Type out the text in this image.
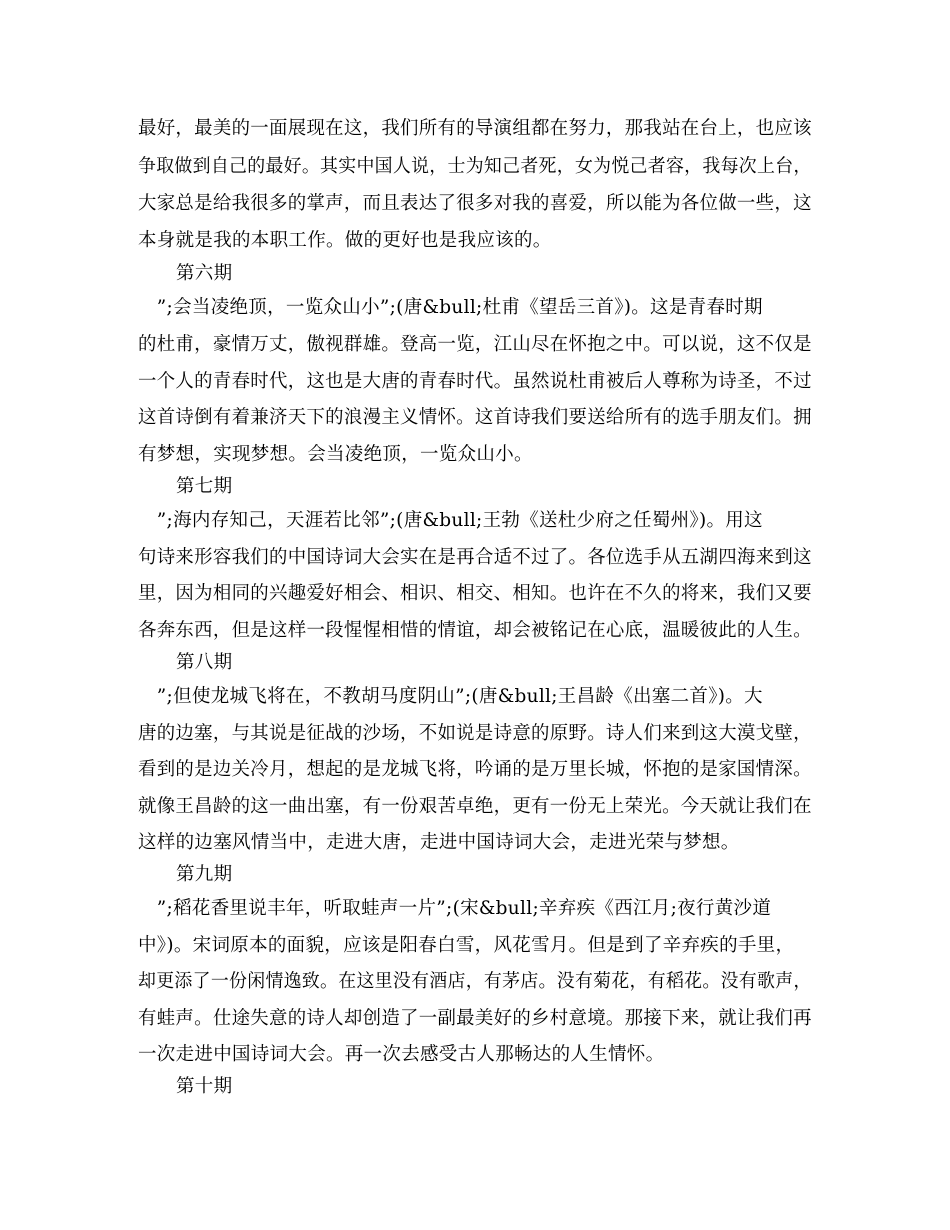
最好，最美的一面展现在这，我们所有的导演组都在努力，那我站在台上，也应该
争取做到自己的最好。其实中国人说，士为知己者死，女为悦己者容，我每次上台，
大家总是给我很多的掌声，而且表达了很多对我的喜爱，所以能为各位做一些，这
本身就是我的本职工作。做的更好也是我应该的。
第六期
　”;会当凌绝顶，一览众山小”;(唐&bull;杜甫《望岳三首》)。这是青春时期
的杜甫，豪情万丈，傲视群雄。登高一览，江山尽在怀抱之中。可以说，这不仅是
一个人的青春时代，这也是大唐的青春时代。虽然说杜甫被后人尊称为诗圣，不过
这首诗倒有着兼济天下的浪漫主义情怀。这首诗我们要送给所有的选手朋友们。拥
有梦想，实现梦想。会当凌绝顶，一览众山小。
第七期
　”;海内存知己，天涯若比邻”;(唐&bull;王勃《送杜少府之任蜀州》)。用这
句诗来形容我们的中国诗词大会实在是再合适不过了。各位选手从五湖四海来到这
里，因为相同的兴趣爱好相会、相识、相交、相知。也许在不久的将来，我们又要
各奔东西，但是这样一段惺惺相惜的情谊，却会被铭记在心底，温暖彼此的人生。
第八期
　”;但使龙城飞将在，不教胡马度阴山”;(唐&bull;王昌龄《出塞二首》)。大
唐的边塞，与其说是征战的沙场，不如说是诗意的原野。诗人们来到这大漠戈壁，
看到的是边关冷月，想起的是龙城飞将，吟诵的是万里长城，怀抱的是家国情深。
就像王昌龄的这一曲出塞，有一份艰苦卓绝，更有一份无上荣光。今天就让我们在
这样的边塞风情当中，走进大唐，走进中国诗词大会，走进光荣与梦想。
第九期
　”;稻花香里说丰年，听取蛙声一片”;(宋&bull;辛弃疾《西江月;夜行黄沙道
中》)。宋词原本的面貌，应该是阳春白雪，风花雪月。但是到了辛弃疾的手里，
却更添了一份闲情逸致。在这里没有酒店，有茅店。没有菊花，有稻花。没有歌声，
有蛙声。仕途失意的诗人却创造了一副最美好的乡村意境。那接下来，就让我们再
一次走进中国诗词大会。再一次去感受古人那畅达的人生情怀。
第十期
